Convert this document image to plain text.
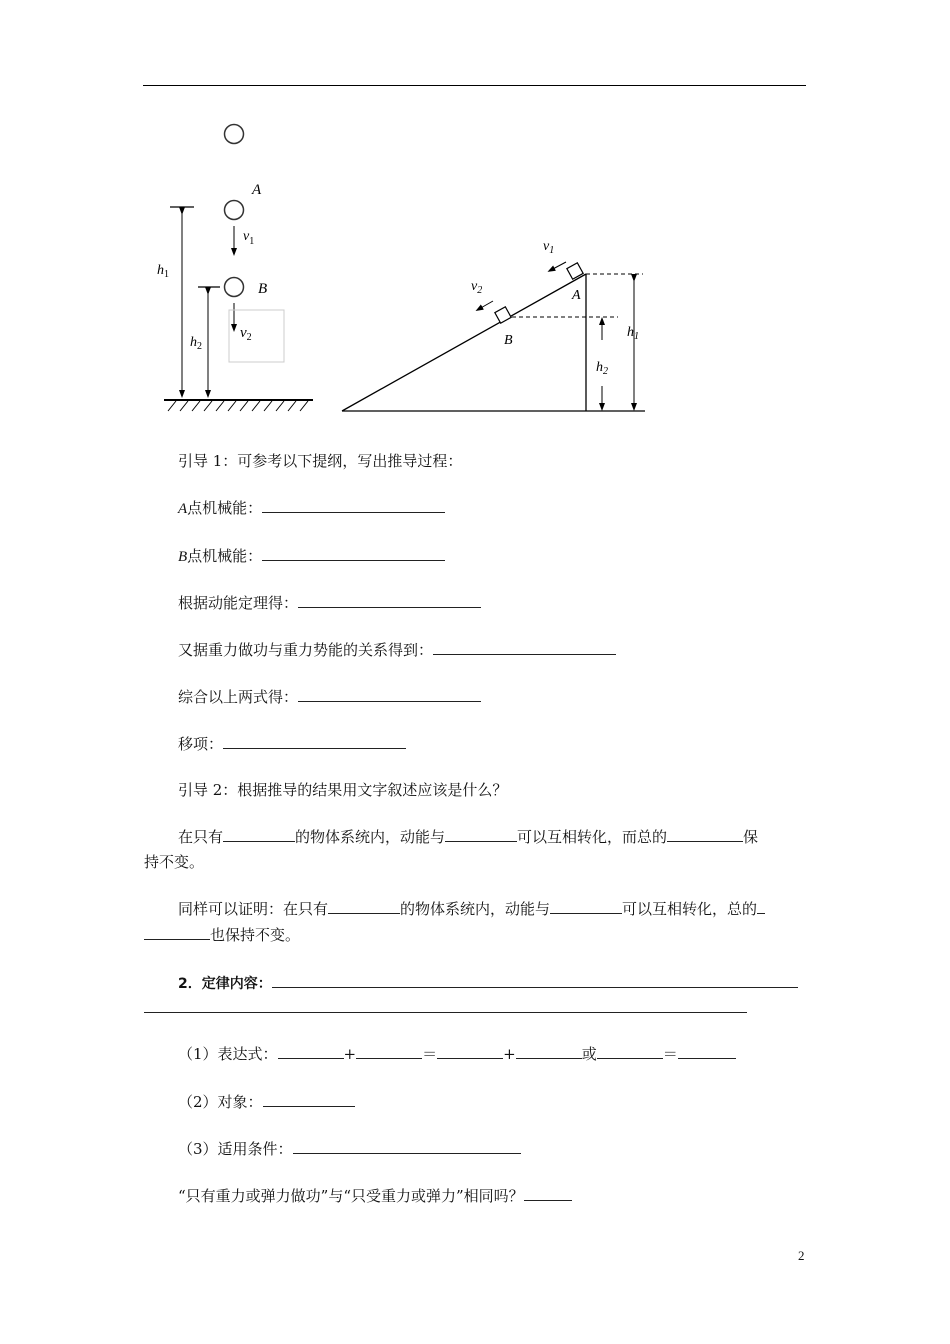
A
B
$v_1$
$v_2$
$h_1$
$h_2$
$v_1$
$v_2$	A
B
$h_1$
$h_2$
引导 1：可参考以下提纲，写出推导过程：
A点机械能：
B点机械能：
根据动能定理得：
又据重力做功与重力势能的关系得到：
综合以上两式得：
移项：
引导 2：根据推导的结果用文字叙述应该是什么？
在只有	的物体系统内，动能与	可以互相转化，而总的	保
持不变。
同样可以证明：在只有	的物体系统内，动能与	可以互相转化，总的
也保持不变。
2．定律内容：
（1）表达式：	+	＝	+	或	＝
（2）对象：
（3）适用条件：
“只有重力或弹力做功”与“只受重力或弹力”相同吗？
2
